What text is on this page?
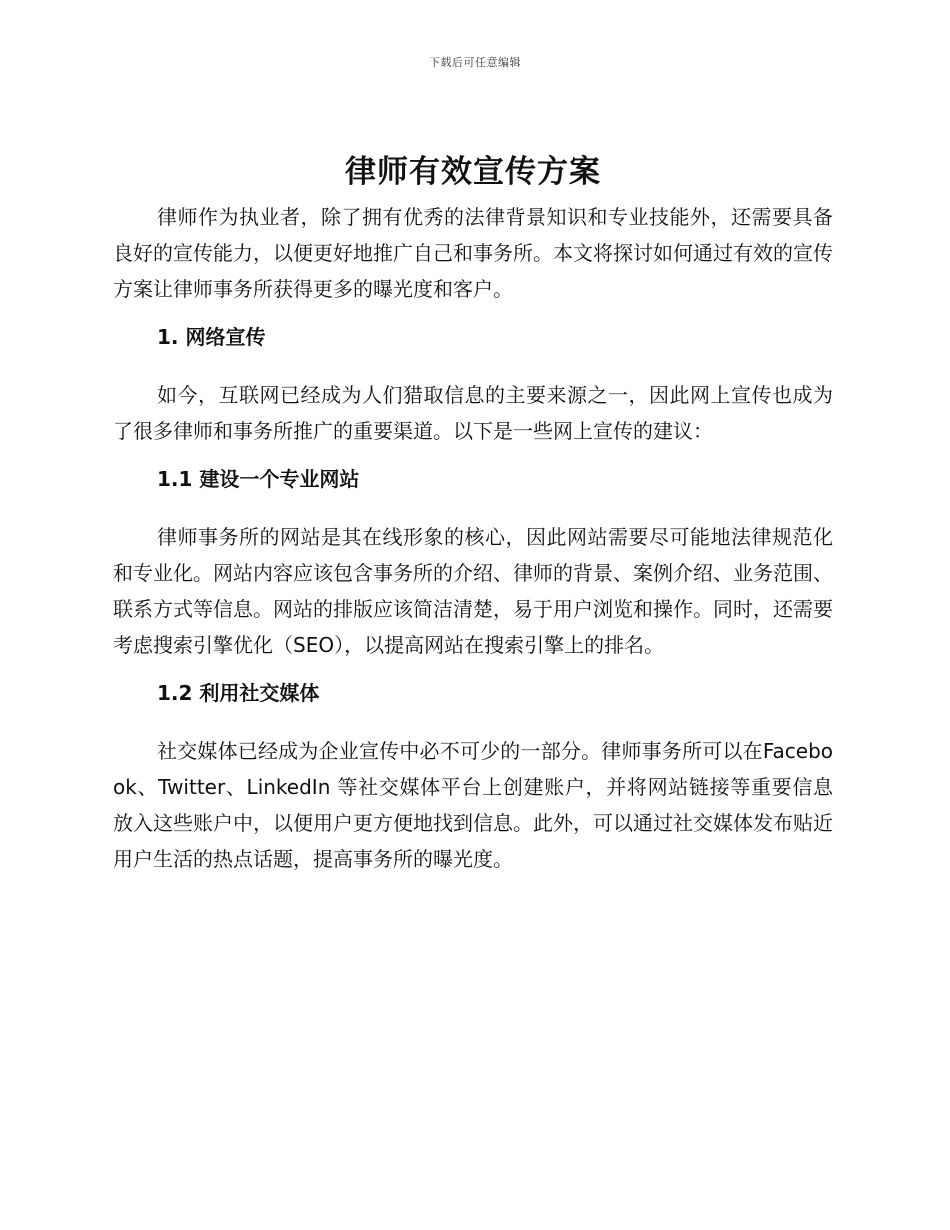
下载后可任意编辑
律师有效宣传方案

律师作为执业者，除了拥有优秀的法律背景知识和专业技能外，还需要具备良好的宣传能力，以便更好地推广自己和事务所。本文将探讨如何通过有效的宣传方案让律师事务所获得更多的曝光度和客户。

1. 网络宣传

如今，互联网已经成为人们猎取信息的主要来源之一，因此网上宣传也成为了很多律师和事务所推广的重要渠道。以下是一些网上宣传的建议：

1.1 建设一个专业网站

律师事务所的网站是其在线形象的核心，因此网站需要尽可能地法律规范化和专业化。网站内容应该包含事务所的介绍、律师的背景、案例介绍、业务范围、联系方式等信息。网站的排版应该简洁清楚，易于用户浏览和操作。同时，还需要考虑搜索引擎优化（SEO），以提高网站在搜索引擎上的排名。

1.2 利用社交媒体

社交媒体已经成为企业宣传中必不可少的一部分。律师事务所可以在Facebook、Twitter、LinkedIn 等社交媒体平台上创建账户，并将网站链接等重要信息放入这些账户中，以便用户更方便地找到信息。此外，可以通过社交媒体发布贴近用户生活的热点话题，提高事务所的曝光度。
